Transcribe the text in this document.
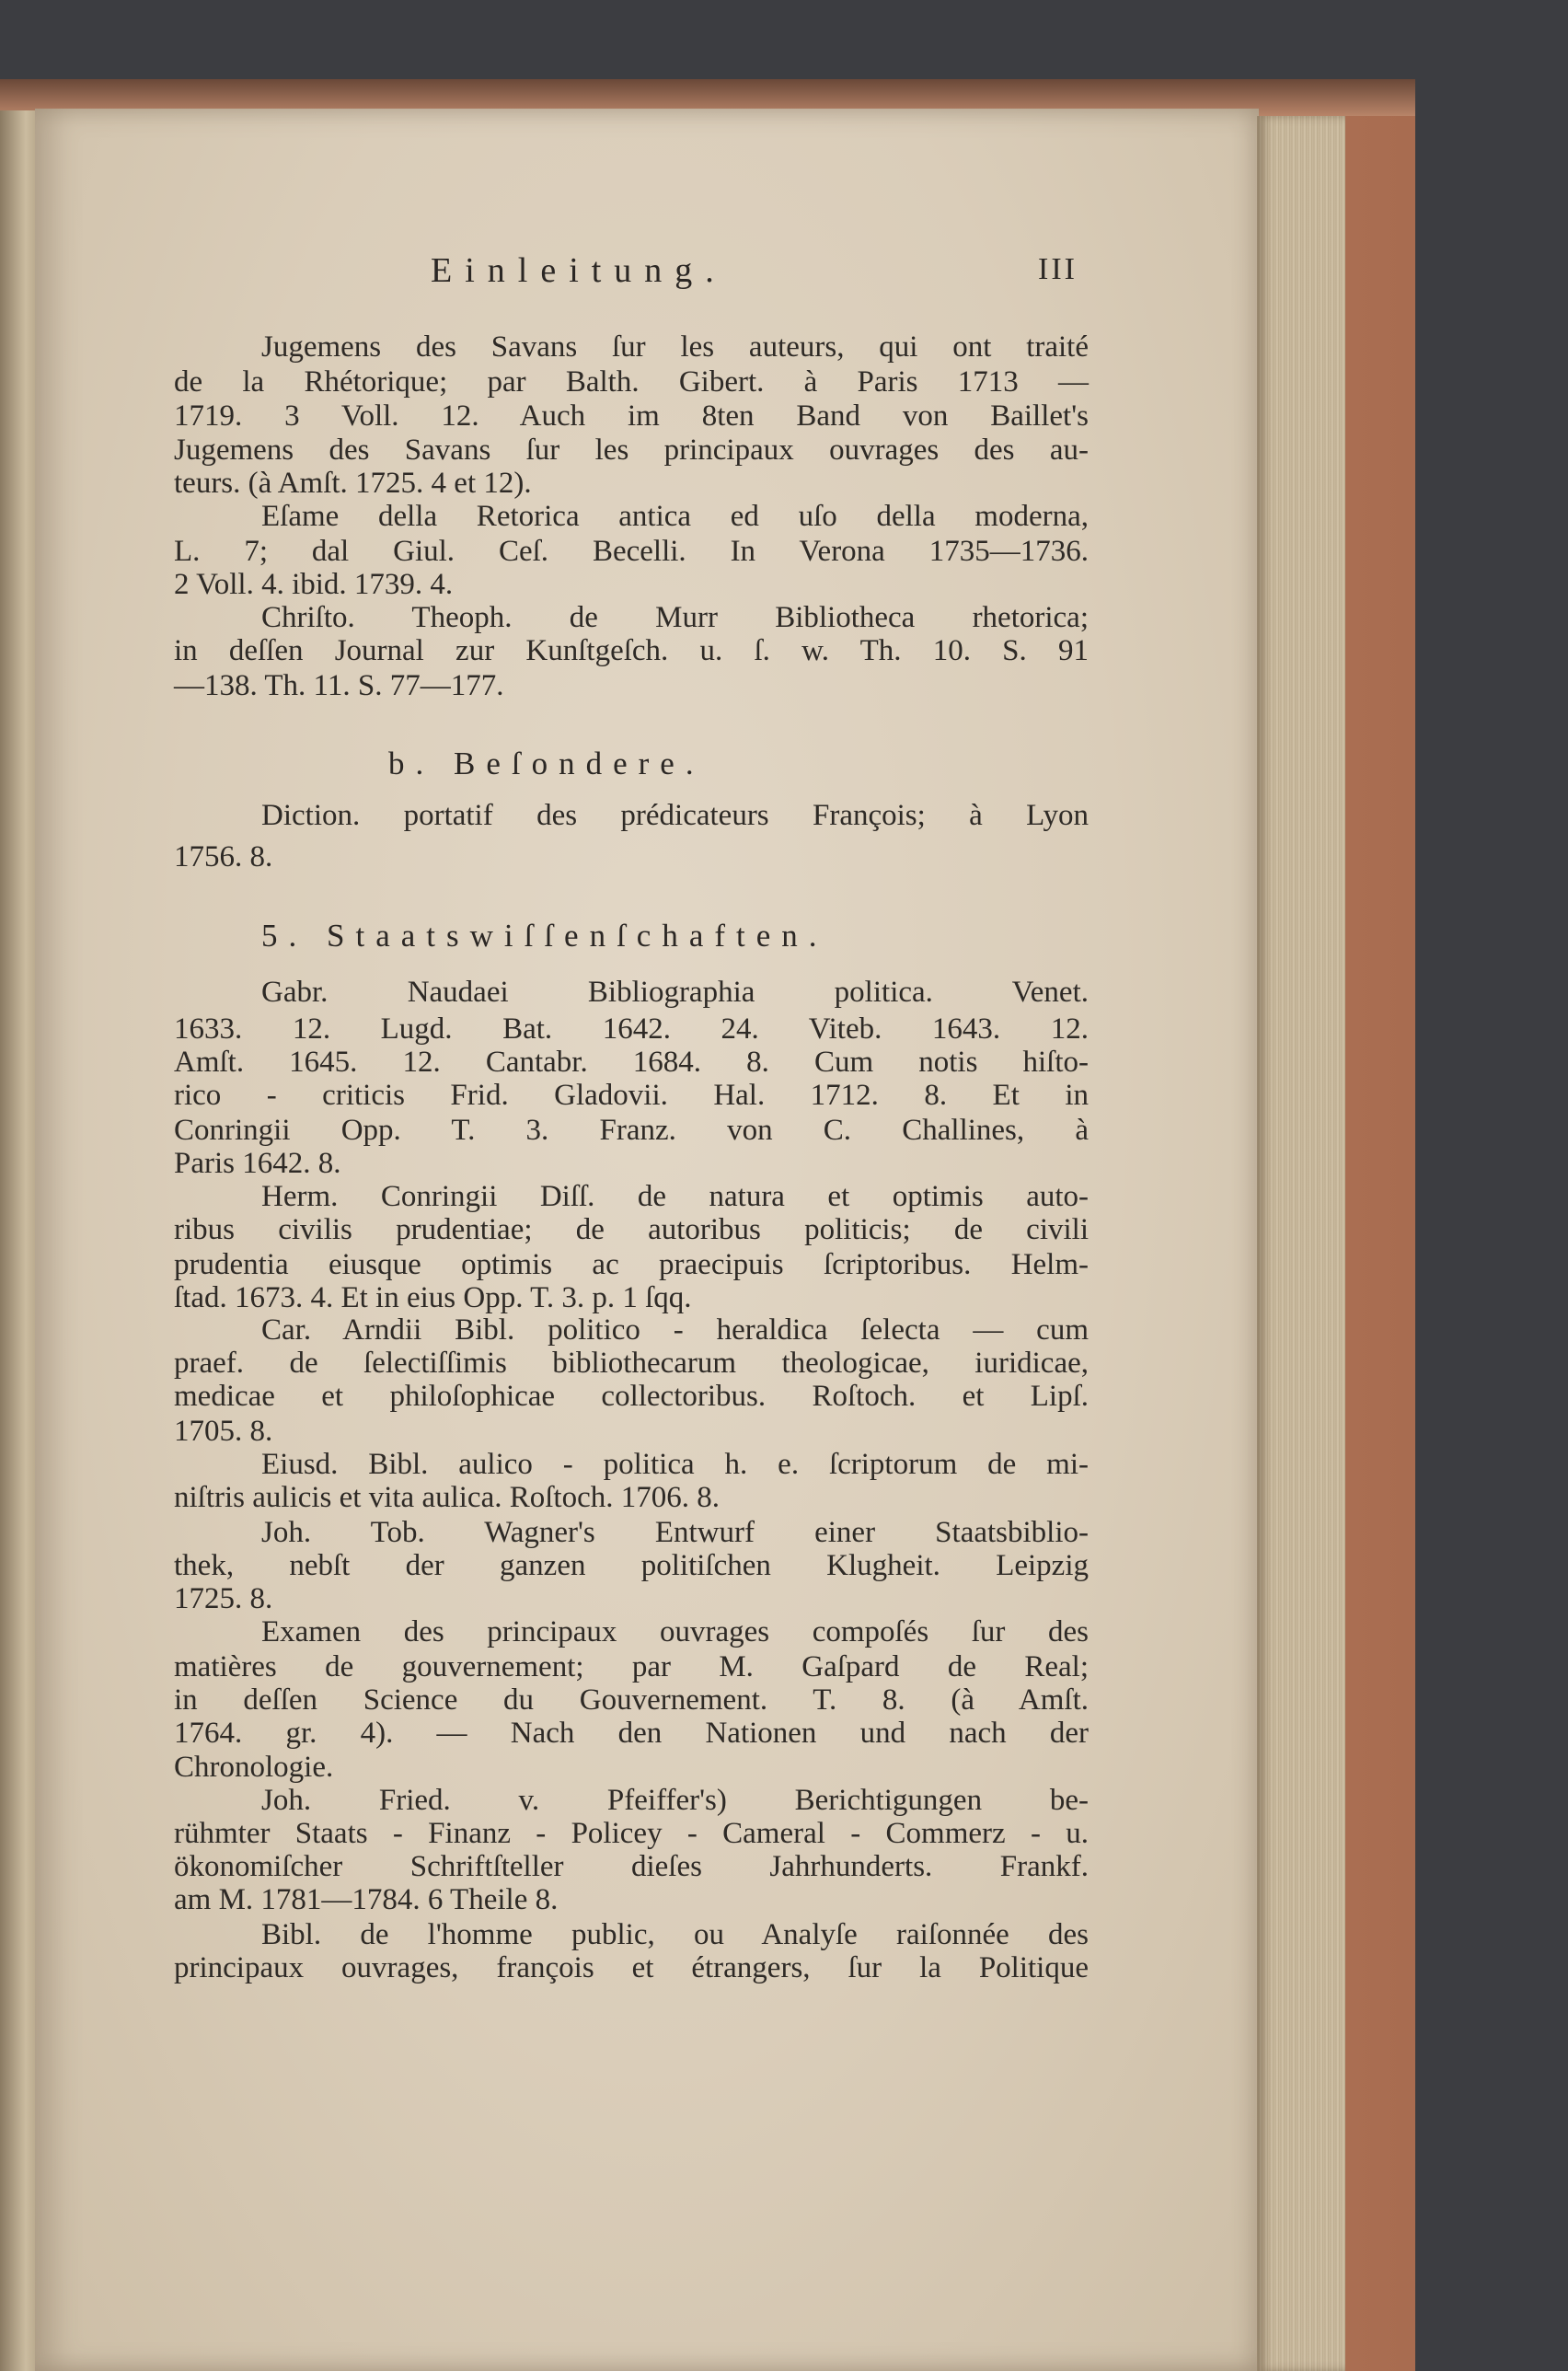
Einleitung.	III
b. Beſondere.
5. Staatswiſſenſchaften.
Jugemens des Savans ſur les auteurs, qui ont traité
de la Rhétorique; par Balth. Gibert. à Paris 1713 —
1719. 3 Voll. 12. Auch im 8ten Band von Baillet's
Jugemens des Savans ſur les principaux ouvrages des au-
teurs. (à Amſt. 1725. 4 et 12).
Eſame della Retorica antica ed uſo della moderna,
L. 7; dal Giul. Ceſ. Becelli. In Verona 1735—1736.
2 Voll. 4. ibid. 1739. 4.
Chriſto. Theoph. de Murr Bibliotheca rhetorica;
in deſſen Journal zur Kunſtgeſch. u. ſ. w. Th. 10. S. 91
—138. Th. 11. S. 77—177.
Diction. portatif des prédicateurs François; à Lyon
1756. 8.
Gabr. Naudaei Bibliographia politica. Venet.
1633. 12. Lugd. Bat. 1642. 24. Viteb. 1643. 12.
Amſt. 1645. 12. Cantabr. 1684. 8. Cum notis hiſto-
rico - criticis Frid. Gladovii. Hal. 1712. 8. Et in
Conringii Opp. T. 3. Franz. von C. Challines, à
Paris 1642. 8.
Herm. Conringii Diſſ. de natura et optimis auto-
ribus civilis prudentiae; de autoribus politicis; de civili
prudentia eiusque optimis ac praecipuis ſcriptoribus. Helm-
ſtad. 1673. 4. Et in eius Opp. T. 3. p. 1 ſqq.
Car. Arndii Bibl. politico - heraldica ſelecta — cum
praef. de ſelectiſſimis bibliothecarum theologicae, iuridicae,
medicae et philoſophicae collectoribus. Roſtoch. et Lipſ.
1705. 8.
Eiusd. Bibl. aulico - politica h. e. ſcriptorum de mi-
niſtris aulicis et vita aulica. Roſtoch. 1706. 8.
Joh. Tob. Wagner's Entwurf einer Staatsbiblio-
thek, nebſt der ganzen politiſchen Klugheit. Leipzig
1725. 8.
Examen des principaux ouvrages compoſés ſur des
matières de gouvernement; par M. Gaſpard de Real;
in deſſen Science du Gouvernement. T. 8. (à Amſt.
1764. gr. 4). — Nach den Nationen und nach der
Chronologie.
Joh. Fried. v. Pfeiffer's) Berichtigungen be-
rühmter Staats - Finanz - Policey - Cameral - Commerz - u.
ökonomiſcher Schriftſteller dieſes Jahrhunderts. Frankf.
am M. 1781—1784. 6 Theile 8.
Bibl. de l'homme public, ou Analyſe raiſonnée des
principaux ouvrages, françois et étrangers, ſur la Politique
